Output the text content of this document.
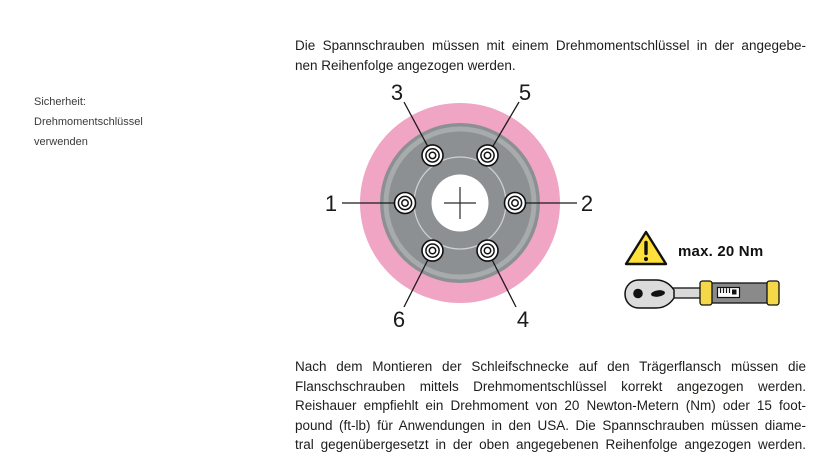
Sicherheit:
Drehmomentschlüssel
verwenden
Die Spannschrauben müssen mit einem Drehmomentschlüssel in der angegebe-
nen Reihenfolge angezogen werden.
1	2
3	5
6	4
max. 20 Nm
Nach dem Montieren der Schleifschnecke auf den Trägerflansch müssen die
Flanschschrauben mittels Drehmomentschlüssel korrekt angezogen werden.
Reishauer empfiehlt ein Drehmoment von 20 Newton-Metern (Nm) oder 15 foot-
pound (ft-lb) für Anwendungen in den USA. Die Spannschrauben müssen diame-
tral gegenübergesetzt in der oben angegebenen Reihenfolge angezogen werden.
